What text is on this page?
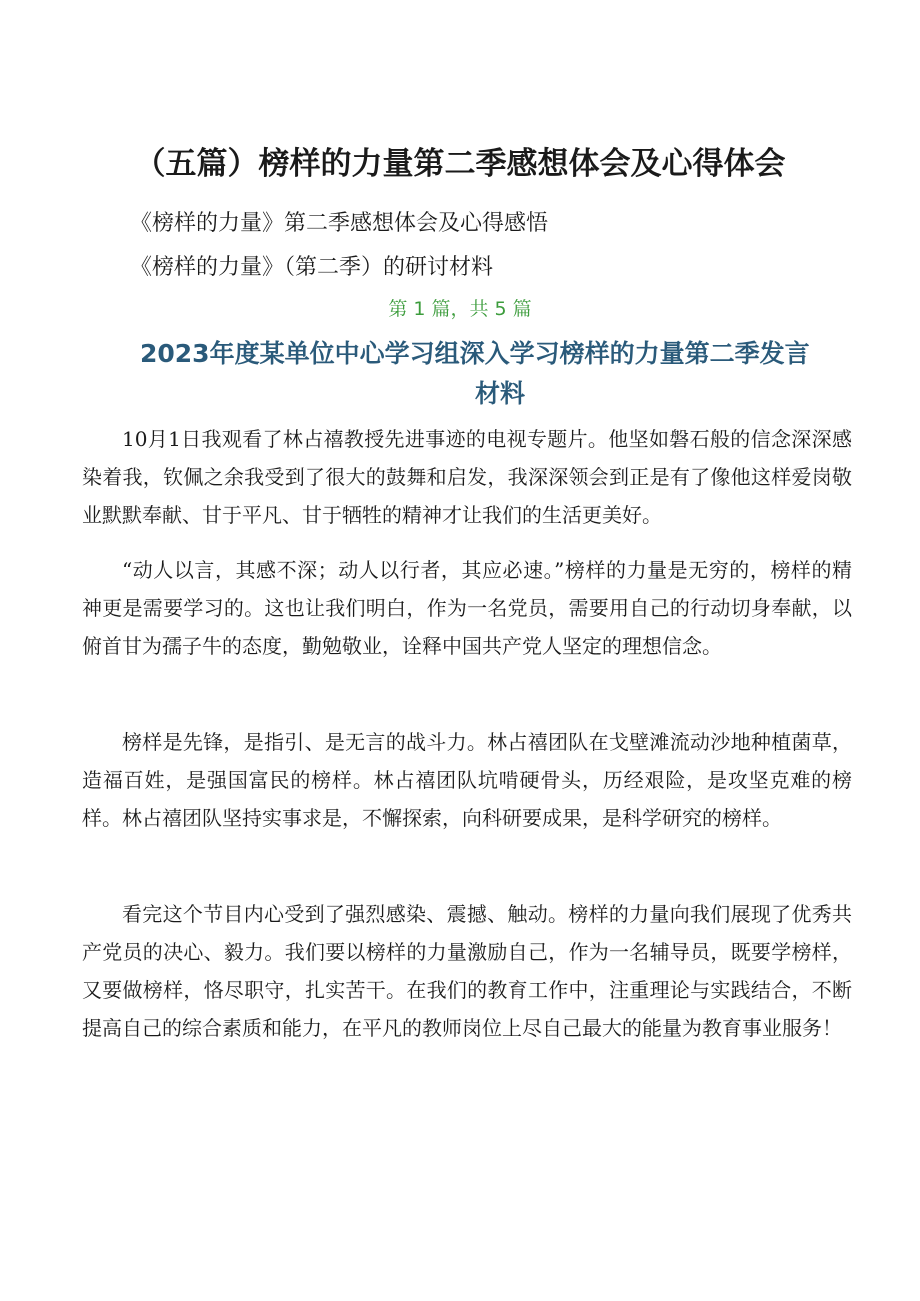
（五篇）榜样的力量第二季感想体会及心得体会

《榜样的力量》第二季感想体会及心得感悟

《榜样的力量》（第二季）的研讨材料

第 1 篇，共 5 篇

2023年度某单位中心学习组深入学习榜样的力量第二季发言
材料

10月1日我观看了林占禧教授先进事迹的电视专题片。他坚如磐石般的信念深深感染着我，钦佩之余我受到了很大的鼓舞和启发，我深深领会到正是有了像他这样爱岗敬业默默奉献、甘于平凡、甘于牺牲的精神才让我们的生活更美好。

“动人以言，其感不深；动人以行者，其应必速。”榜样的力量是无穷的，榜样的精神更是需要学习的。这也让我们明白，作为一名党员，需要用自己的行动切身奉献，以俯首甘为孺子牛的态度，勤勉敬业，诠释中国共产党人坚定的理想信念。

榜样是先锋，是指引、是无言的战斗力。林占禧团队在戈壁滩流动沙地种植菌草，造福百姓，是强国富民的榜样。林占禧团队坑啃硬骨头，历经艰险，是攻坚克难的榜样。林占禧团队坚持实事求是，不懈探索，向科研要成果，是科学研究的榜样。

看完这个节目内心受到了强烈感染、震撼、触动。榜样的力量向我们展现了优秀共产党员的决心、毅力。我们要以榜样的力量激励自己，作为一名辅导员，既要学榜样，又要做榜样，恪尽职守，扎实苦干。在我们的教育工作中，注重理论与实践结合，不断提高自己的综合素质和能力，在平凡的教师岗位上尽自己最大的能量为教育事业服务！
